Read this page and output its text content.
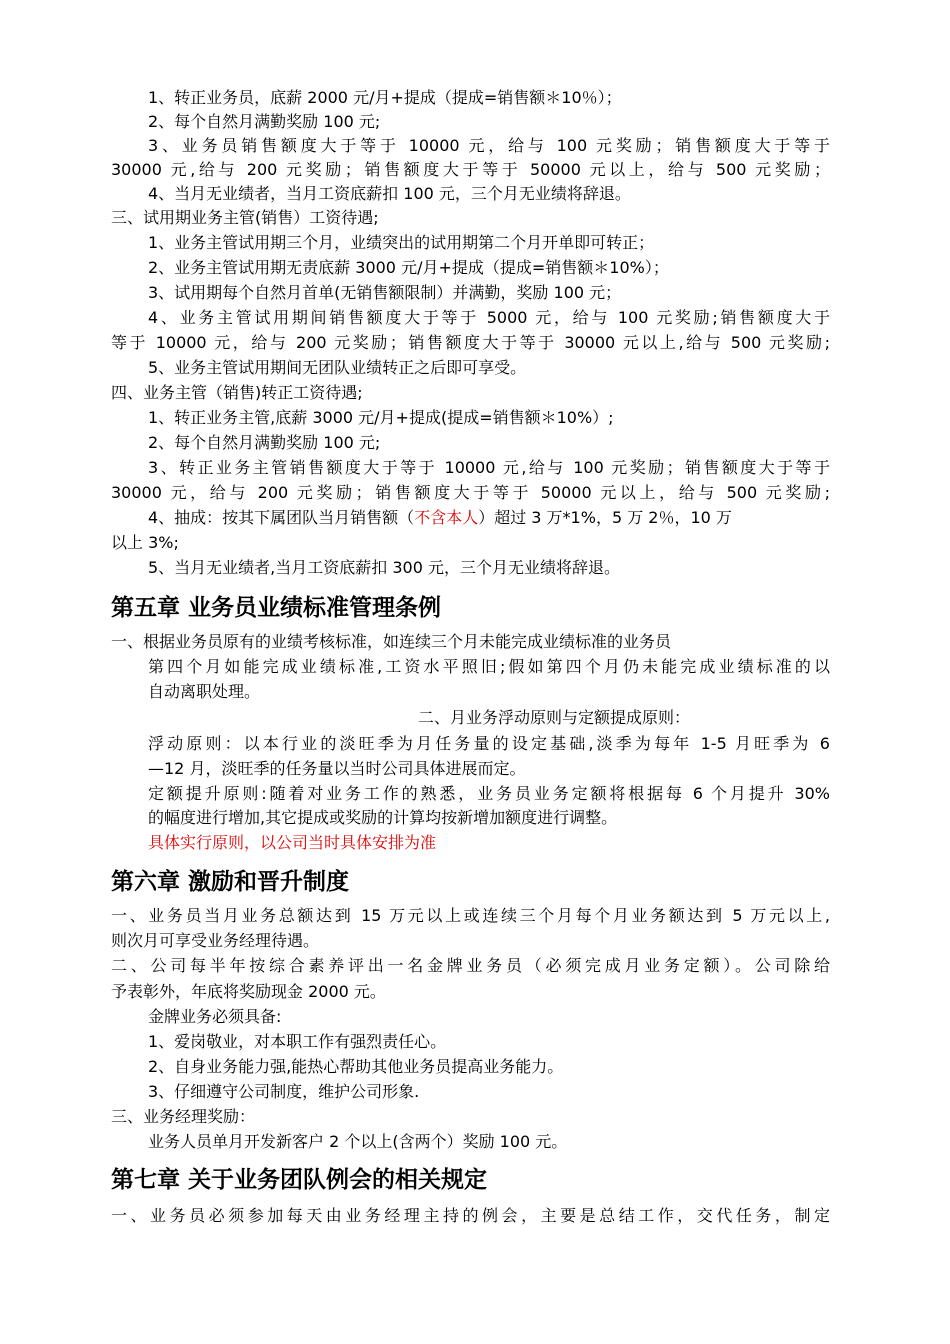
1、转正业务员，底薪 2000 元/月+提成（提成=销售额＊10％）；
2、每个自然月满勤奖励 100 元;
3、业务员销售额度大于等于 10000 元，给与 100 元奖励；销售额度大于等于
30000 元,给与 200 元奖励；销售额度大于等于 50000 元以上，给与 500 元奖励；
4、当月无业绩者，当月工资底薪扣 100 元，三个月无业绩将辞退。
三、试用期业务主管(销售）工资待遇;
1、业务主管试用期三个月，业绩突出的试用期第二个月开单即可转正；
2、业务主管试用期无责底薪 3000 元/月+提成（提成=销售额＊10%）；
3、试用期每个自然月首单(无销售额限制）并满勤，奖励 100 元；
4、业务主管试用期间销售额度大于等于 5000 元，给与 100 元奖励;销售额度大于
等于 10000 元，给与 200 元奖励；销售额度大于等于 30000 元以上,给与 500 元奖励;
5、业务主管试用期间无团队业绩转正之后即可享受。
四、业务主管（销售)转正工资待遇;
1、转正业务主管,底薪 3000 元/月+提成(提成=销售额＊10%）;
2、每个自然月满勤奖励 100 元;
3、转正业务主管销售额度大于等于 10000 元,给与 100 元奖励；销售额度大于等于
30000 元，给与 200 元奖励；销售额度大于等于 50000 元以上，给与 500 元奖励;
4、抽成：按其下属团队当月销售额（不含本人）超过 3 万*1%，5 万 2％，10 万
以上 3%;
5、当月无业绩者,当月工资底薪扣 300 元，三个月无业绩将辞退。
第五章 业务员业绩标准管理条例
一、根据业务员原有的业绩考核标准，如连续三个月未能完成业绩标准的业务员
第四个月如能完成业绩标准,工资水平照旧;假如第四个月仍未能完成业绩标准的以
自动离职处理。
二、月业务浮动原则与定额提成原则：
浮动原则：以本行业的淡旺季为月任务量的设定基础,淡季为每年 1-5 月旺季为 6
—12 月，淡旺季的任务量以当时公司具体进展而定。
定额提升原则:随着对业务工作的熟悉，业务员业务定额将根据每 6 个月提升 30%
的幅度进行增加,其它提成或奖励的计算均按新增加额度进行调整。
具体实行原则，以公司当时具体安排为准
第六章 激励和晋升制度
一、业务员当月业务总额达到 15 万元以上或连续三个月每个月业务额达到 5 万元以上,
则次月可享受业务经理待遇。
二、公司每半年按综合素养评出一名金牌业务员（必须完成月业务定额）。公司除给
予表彰外，年底将奖励现金 2000 元。
金牌业务必须具备:
1、爱岗敬业，对本职工作有强烈责任心。
2、自身业务能力强,能热心帮助其他业务员提高业务能力。
3、仔细遵守公司制度，维护公司形象.
三、业务经理奖励：
业务人员单月开发新客户 2 个以上(含两个）奖励 100 元。
第七章 关于业务团队例会的相关规定
一、业务员必须参加每天由业务经理主持的例会，主要是总结工作，交代任务，制定
